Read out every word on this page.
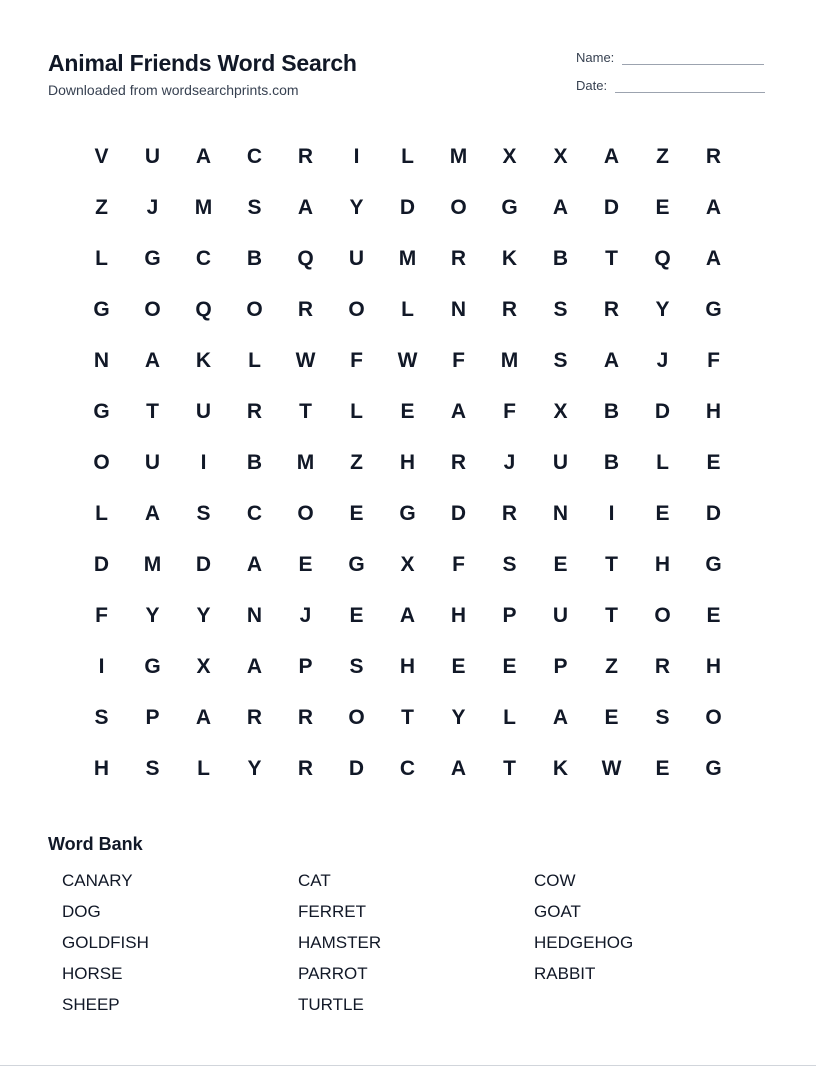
Animal Friends Word Search
Downloaded from wordsearchprints.com
Name:
Date:
V	U	A	C	R	I	L	M	X	X	A	Z	R
Z	J	M	S	A	Y	D	O	G	A	D	E	A
L	G	C	B	Q	U	M	R	K	B	T	Q	A
G	O	Q	O	R	O	L	N	R	S	R	Y	G
N	A	K	L	W	F	W	F	M	S	A	J	F
G	T	U	R	T	L	E	A	F	X	B	D	H
O	U	I	B	M	Z	H	R	J	U	B	L	E
L	A	S	C	O	E	G	D	R	N	I	E	D
D	M	D	A	E	G	X	F	S	E	T	H	G
F	Y	Y	N	J	E	A	H	P	U	T	O	E
I	G	X	A	P	S	H	E	E	P	Z	R	H
S	P	A	R	R	O	T	Y	L	A	E	S	O
H	S	L	Y	R	D	C	A	T	K	W	E	G
Word Bank
CANARY	CAT	COW
DOG	FERRET	GOAT
GOLDFISH	HAMSTER	HEDGEHOG
HORSE	PARROT	RABBIT
SHEEP	TURTLE
